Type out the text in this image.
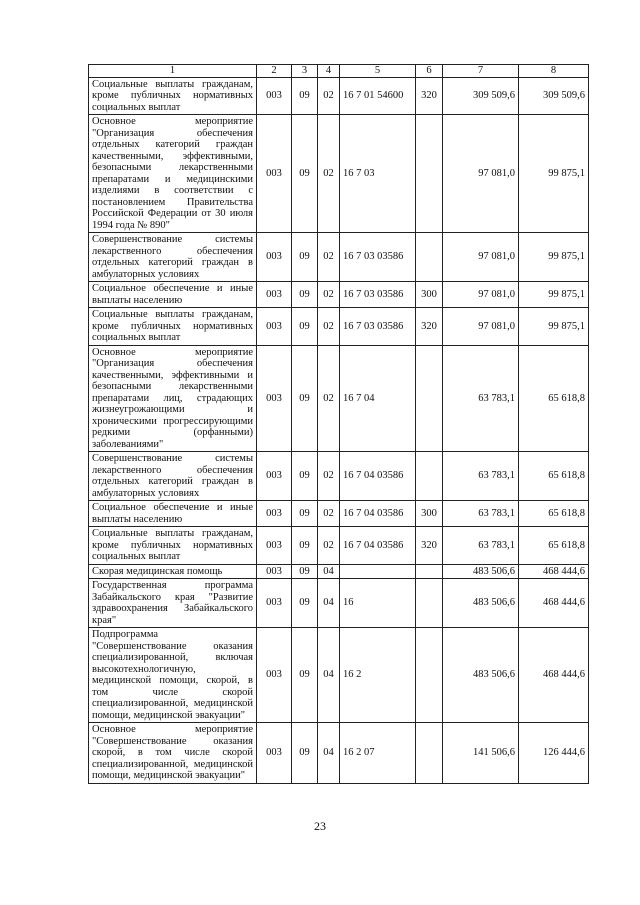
1	2	3	4	5	6	7	8
Социальные выплаты гражданам, кроме публичных нормативных социальных выплат	003	09	02	16 7 01 54600	320	309 509,6	309 509,6
Основное мероприятие "Организация обеспечения отдельных категорий граждан качественными, эффективными, безопасными лекарственными препаратами и медицинскими изделиями в соответствии с постановлением Правительства Российской Федерации от 30 июля 1994 года № 890"	003	09	02	16 7 03		97 081,0	99 875,1
Совершенствование системы лекарственного обеспечения отдельных категорий граждан в амбулаторных условиях	003	09	02	16 7 03 03586		97 081,0	99 875,1
Социальное обеспечение и иные выплаты населению	003	09	02	16 7 03 03586	300	97 081,0	99 875,1
Социальные выплаты гражданам, кроме публичных нормативных социальных выплат	003	09	02	16 7 03 03586	320	97 081,0	99 875,1
Основное мероприятие "Организация обеспечения качественными, эффективными и безопасными лекарственными препаратами лиц, страдающих жизнеугрожающими и хроническими прогрессирующими редкими (орфанными) заболеваниями"	003	09	02	16 7 04		63 783,1	65 618,8
Совершенствование системы лекарственного обеспечения отдельных категорий граждан в амбулаторных условиях	003	09	02	16 7 04 03586		63 783,1	65 618,8
Социальное обеспечение и иные выплаты населению	003	09	02	16 7 04 03586	300	63 783,1	65 618,8
Социальные выплаты гражданам, кроме публичных нормативных социальных выплат	003	09	02	16 7 04 03586	320	63 783,1	65 618,8
Скорая медицинская помощь	003	09	04			483 506,6	468 444,6
Государственная программа Забайкальского края "Развитие здравоохранения Забайкальского края"	003	09	04	16		483 506,6	468 444,6
Подпрограмма "Совершенствование оказания специализированной, включая высокотехнологичную, медицинской помощи, скорой, в том числе скорой специализированной, медицинской помощи, медицинской эвакуации"	003	09	04	16 2		483 506,6	468 444,6
Основное мероприятие "Совершенствование оказания скорой, в том числе скорой специализированной, медицинской помощи, медицинской эвакуации"	003	09	04	16 2 07		141 506,6	126 444,6
23
